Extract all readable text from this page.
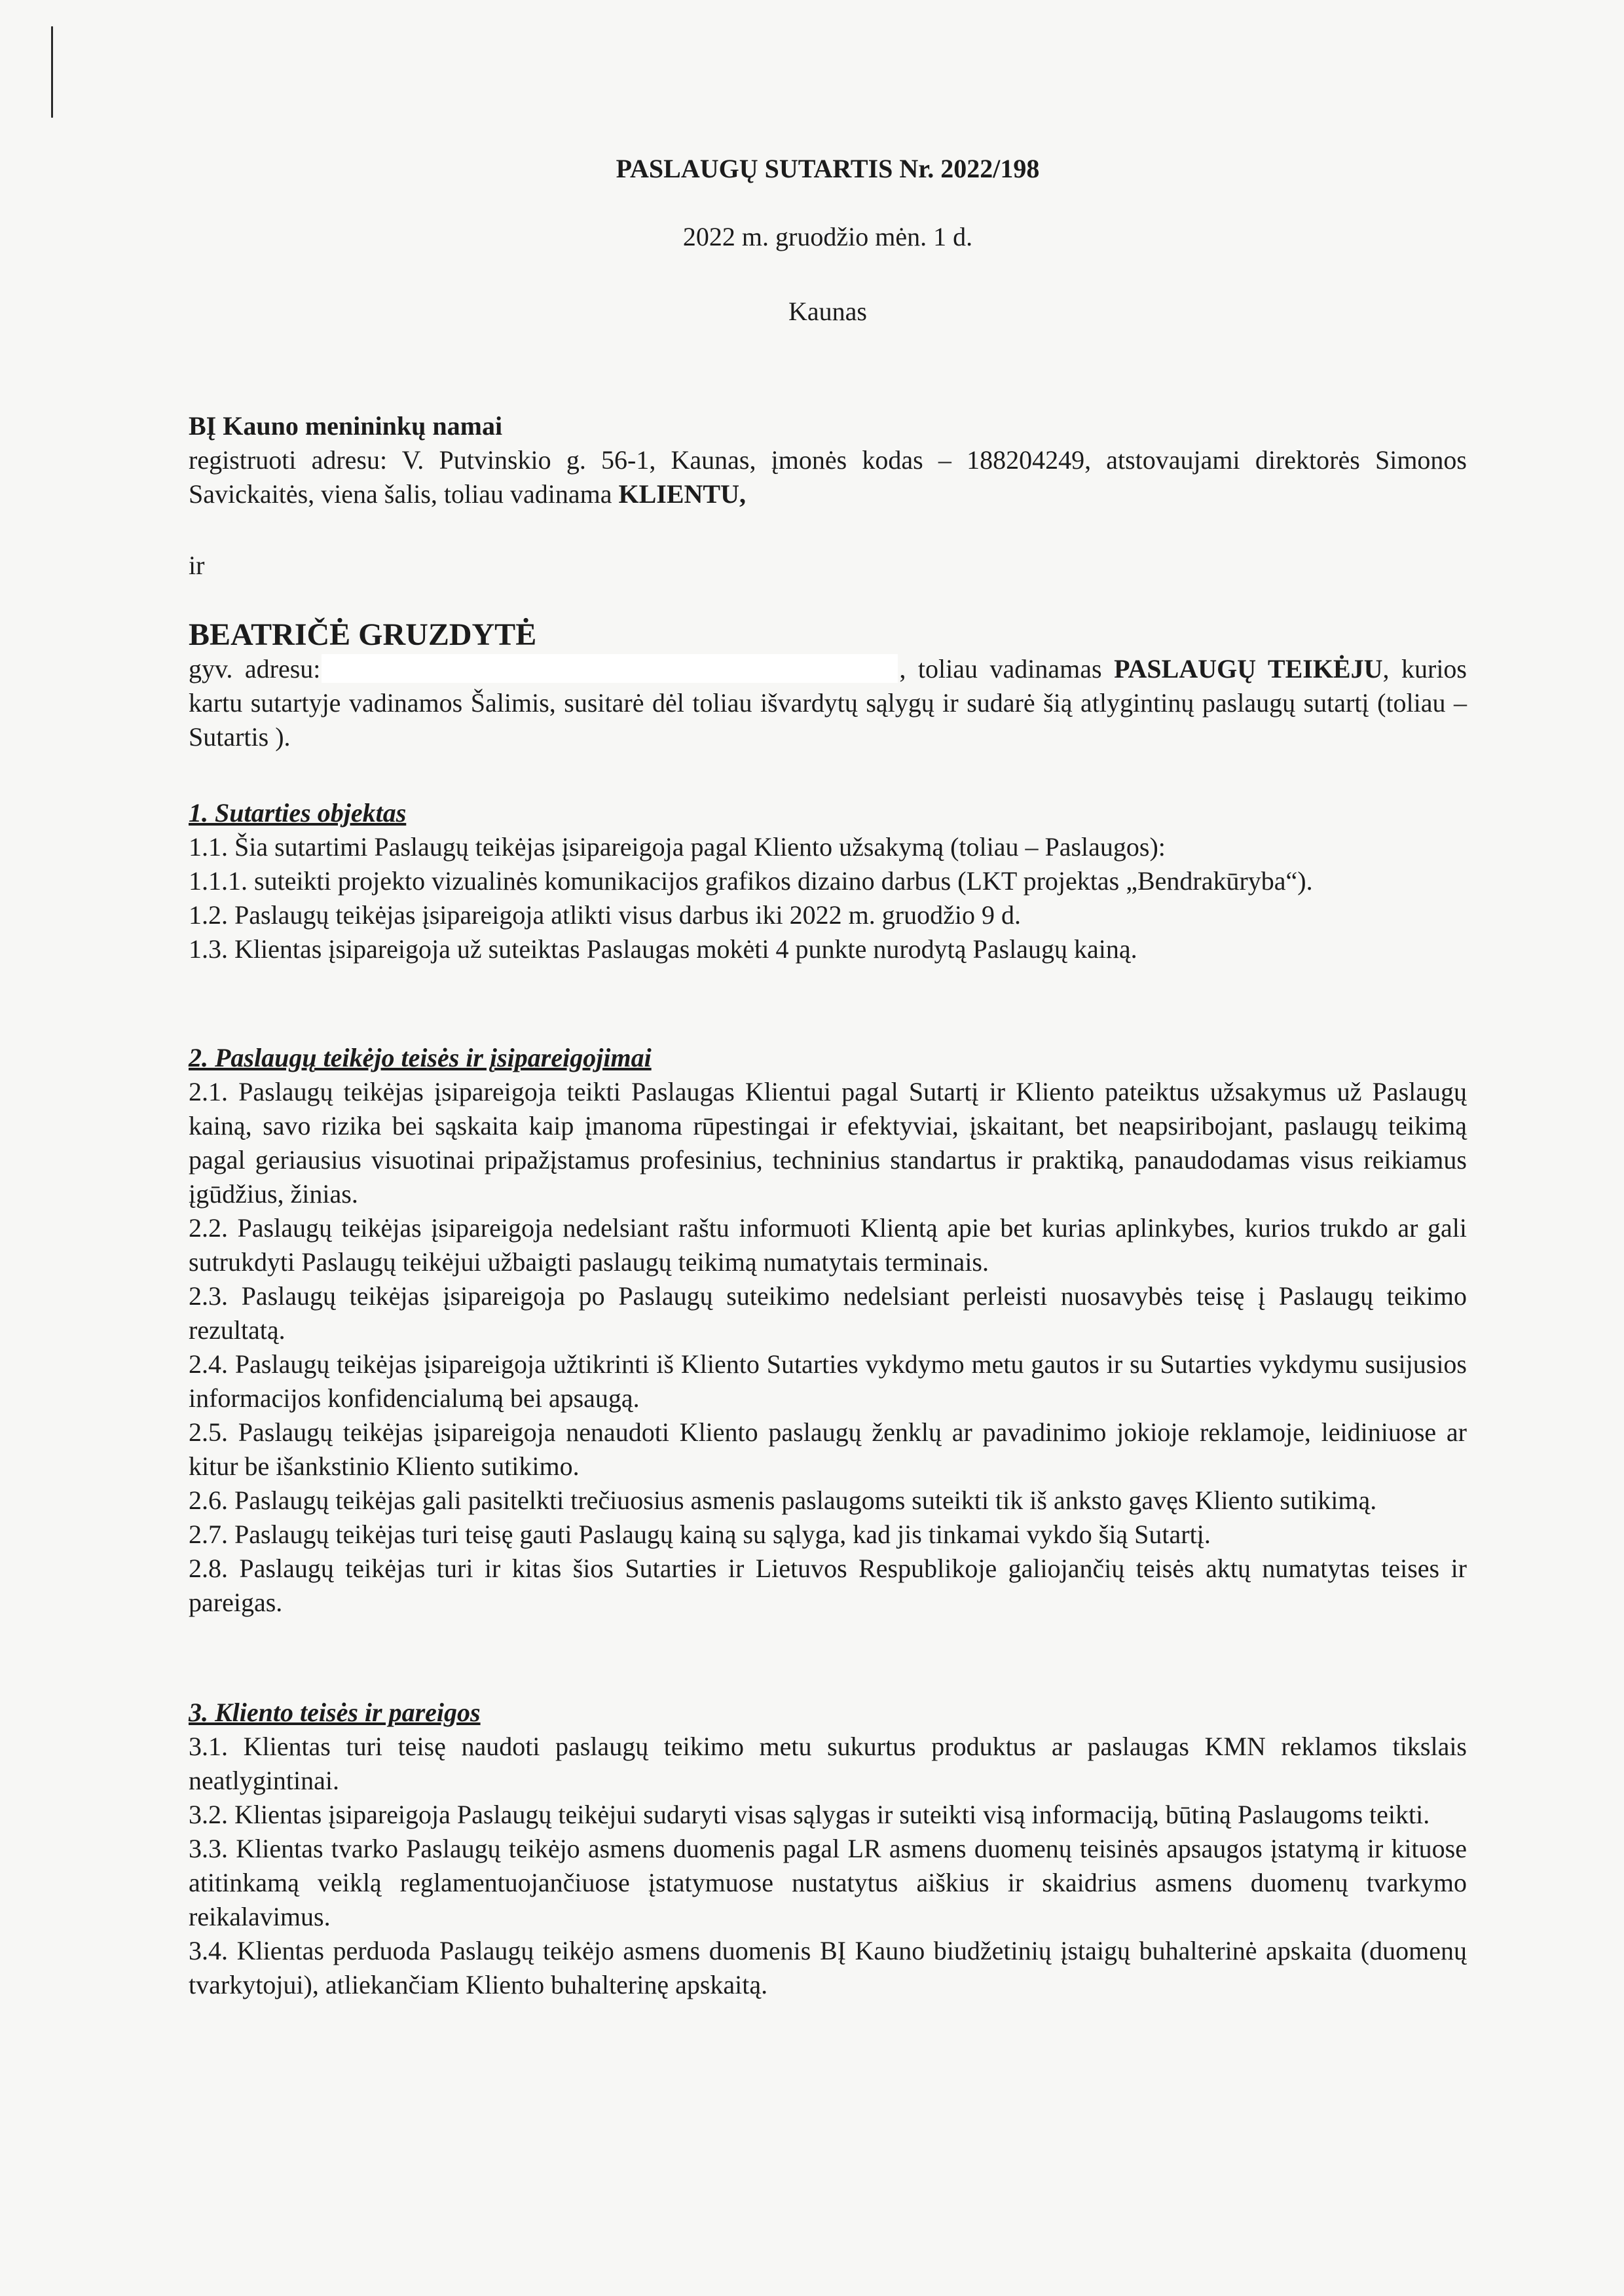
PASLAUGŲ SUTARTIS Nr. 2022/198
2022 m. gruodžio mėn. 1 d.
Kaunas

BĮ Kauno menininkų namai

registruoti adresu: V. Putvinskio g. 56-1, Kaunas, įmonės kodas – 188204249, atstovaujami direktorės Simonos Savickaitės, viena šalis, toliau vadinama KLIENTU,

ir

BEATRIČĖ GRUZDYTĖ

gyv. adresu:	, toliau vadinamas PASLAUGŲ TEIKĖJU, kurios kartu sutartyje vadinamos Šalimis, susitarė dėl toliau išvardytų sąlygų ir sudarė šią atlygintinų paslaugų sutartį (toliau – Sutartis ).

1. Sutarties objektas

1.1. Šia sutartimi Paslaugų teikėjas įsipareigoja pagal Kliento užsakymą (toliau – Paslaugos):

1.1.1. suteikti projekto vizualinės komunikacijos grafikos dizaino darbus (LKT projektas „Bendrakūryba“).

1.2. Paslaugų teikėjas įsipareigoja atlikti visus darbus iki 2022 m. gruodžio 9 d.

1.3. Klientas įsipareigoja už suteiktas Paslaugas mokėti 4 punkte nurodytą Paslaugų kainą.

2. Paslaugų teikėjo teisės ir įsipareigojimai

2.1. Paslaugų teikėjas įsipareigoja teikti Paslaugas Klientui pagal Sutartį ir Kliento pateiktus užsakymus už Paslaugų kainą, savo rizika bei sąskaita kaip įmanoma rūpestingai ir efektyviai, įskaitant, bet neapsiribojant, paslaugų teikimą pagal geriausius visuotinai pripažįstamus profesinius, techninius standartus ir praktiką, panaudodamas visus reikiamus įgūdžius, žinias.

2.2. Paslaugų teikėjas įsipareigoja nedelsiant raštu informuoti Klientą apie bet kurias aplinkybes, kurios trukdo ar gali sutrukdyti Paslaugų teikėjui užbaigti paslaugų teikimą numatytais terminais.

2.3. Paslaugų teikėjas įsipareigoja po Paslaugų suteikimo nedelsiant perleisti nuosavybės teisę į Paslaugų teikimo rezultatą.

2.4. Paslaugų teikėjas įsipareigoja užtikrinti iš Kliento Sutarties vykdymo metu gautos ir su Sutarties vykdymu susijusios informacijos konfidencialumą bei apsaugą.

2.5. Paslaugų teikėjas įsipareigoja nenaudoti Kliento paslaugų ženklų ar pavadinimo jokioje reklamoje, leidiniuose ar kitur be išankstinio Kliento sutikimo.

2.6. Paslaugų teikėjas gali pasitelkti trečiuosius asmenis paslaugoms suteikti tik iš anksto gavęs Kliento sutikimą.

2.7. Paslaugų teikėjas turi teisę gauti Paslaugų kainą su sąlyga, kad jis tinkamai vykdo šią Sutartį.

2.8. Paslaugų teikėjas turi ir kitas šios Sutarties ir Lietuvos Respublikoje galiojančių teisės aktų numatytas teises ir pareigas.

3. Kliento teisės ir pareigos

3.1. Klientas turi teisę naudoti paslaugų teikimo metu sukurtus produktus ar paslaugas KMN reklamos tikslais neatlygintinai.

3.2. Klientas įsipareigoja Paslaugų teikėjui sudaryti visas sąlygas ir suteikti visą informaciją, būtiną Paslaugoms teikti.

3.3. Klientas tvarko Paslaugų teikėjo asmens duomenis pagal LR asmens duomenų teisinės apsaugos įstatymą ir kituose atitinkamą veiklą reglamentuojančiuose įstatymuose nustatytus aiškius ir skaidrius asmens duomenų tvarkymo reikalavimus.

3.4. Klientas perduoda Paslaugų teikėjo asmens duomenis BĮ Kauno biudžetinių įstaigų buhalterinė apskaita (duomenų tvarkytojui), atliekančiam Kliento buhalterinę apskaitą.
